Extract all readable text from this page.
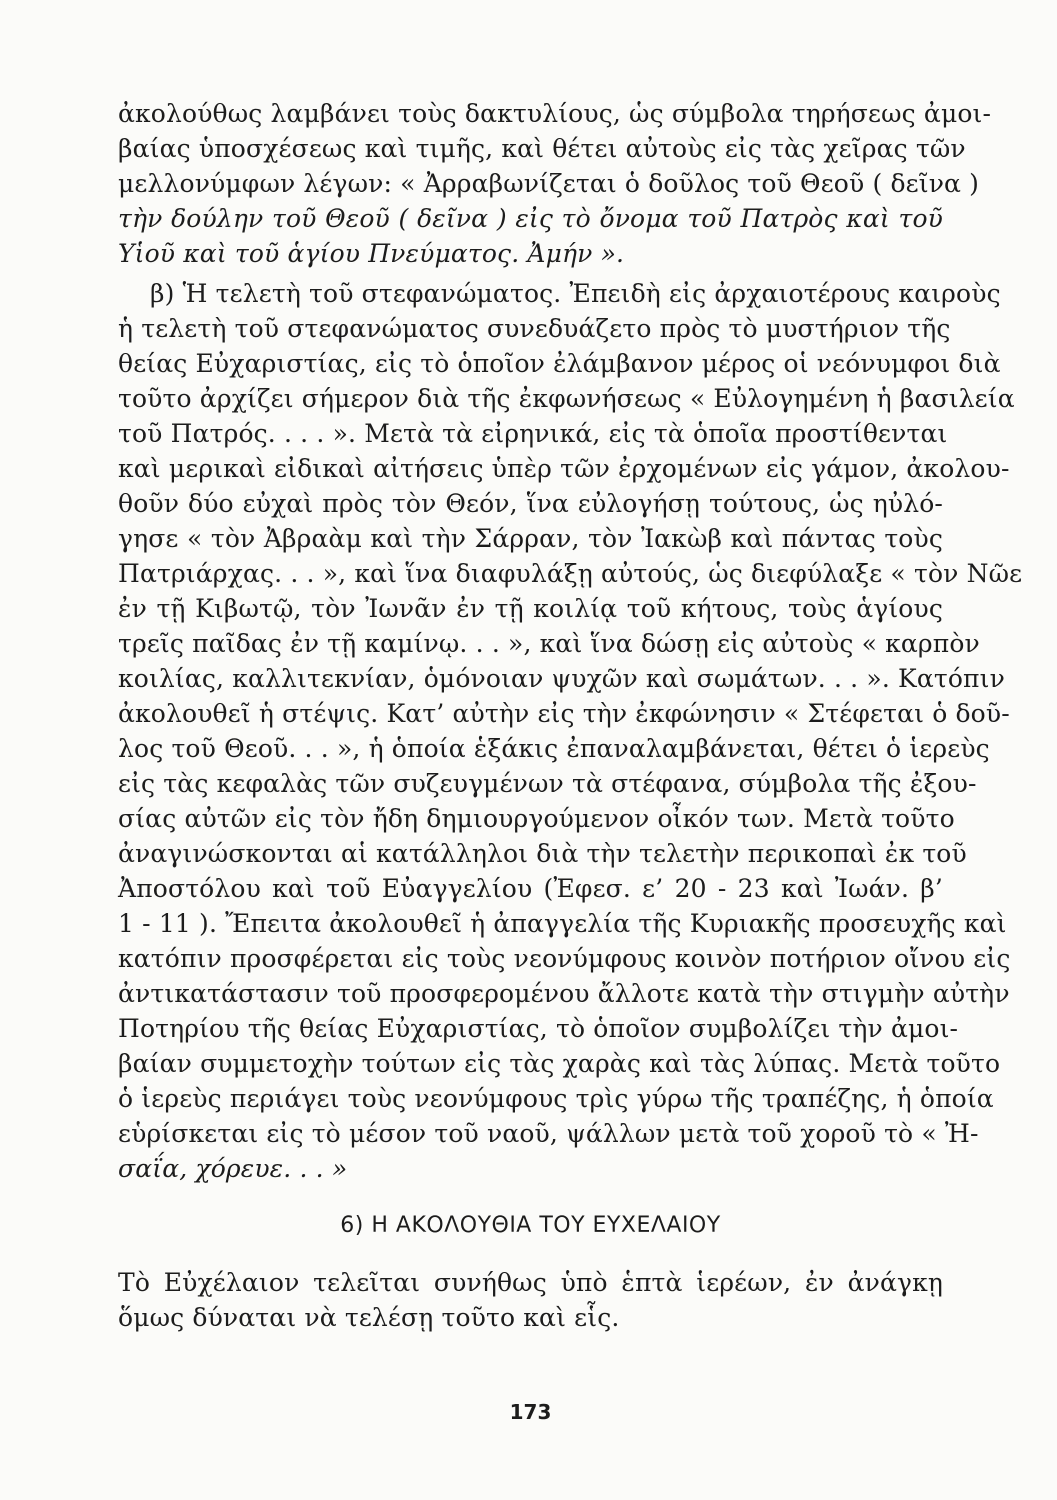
ἀκολούθως λαμβάνει τοὺς δακτυλίους, ὡς σύμβολα τηρήσεως ἀμοι-
βαίας ὑποσχέσεως καὶ τιμῆς, καὶ θέτει αὐτοὺς εἰς τὰς χεῖρας τῶν
μελλονύμφων λέγων: « Ἀρραβωνίζεται ὁ δοῦλος τοῦ Θεοῦ ( δεῖνα )
τὴν δούλην τοῦ Θεοῦ ( δεῖνα ) εἰς τὸ ὄνομα τοῦ Πατρὸς καὶ τοῦ
Υἱοῦ καὶ τοῦ ἁγίου Πνεύματος. Ἀμήν ».
β) Ἡ τελετὴ τοῦ στεφανώματος. Ἐπειδὴ εἰς ἀρχαιοτέρους καιροὺς
ἡ τελετὴ τοῦ στεφανώματος συνεδυάζετο πρὸς τὸ μυστήριον τῆς
θείας Εὐχαριστίας, εἰς τὸ ὁποῖον ἐλάμβανον μέρος οἱ νεόνυμφοι διὰ
τοῦτο ἀρχίζει σήμερον διὰ τῆς ἐκφωνήσεως « Εὐλογημένη ἡ βασιλεία
τοῦ Πατρός. . . . ». Μετὰ τὰ εἰρηνικά, εἰς τὰ ὁποῖα προστίθενται
καὶ μερικαὶ εἰδικαὶ αἰτήσεις ὑπὲρ τῶν ἐρχομένων εἰς γάμον, ἀκολου-
θοῦν δύο εὐχαὶ πρὸς τὸν Θεόν, ἵνα εὐλογήσῃ τούτους, ὡς ηὐλό-
γησε « τὸν Ἀβραὰμ καὶ τὴν Σάρραν, τὸν Ἰακὼβ καὶ πάντας τοὺς
Πατριάρχας. . . », καὶ ἵνα διαφυλάξῃ αὐτούς, ὡς διεφύλαξε « τὸν Νῶε
ἐν τῇ Κιβωτῷ, τὸν Ἰωνᾶν ἐν τῇ κοιλίᾳ τοῦ κήτους, τοὺς ἁγίους
τρεῖς παῖδας ἐν τῇ καμίνῳ. . . », καὶ ἵνα δώσῃ εἰς αὐτοὺς « καρπὸν
κοιλίας, καλλιτεκνίαν, ὁμόνοιαν ψυχῶν καὶ σωμάτων. . . ». Κατόπιν
ἀκολουθεῖ ἡ στέψις. Κατ’ αὐτὴν εἰς τὴν ἐκφώνησιν « Στέφεται ὁ δοῦ-
λος τοῦ Θεοῦ. . . », ἡ ὁποία ἑξάκις ἐπαναλαμβάνεται, θέτει ὁ ἱερεὺς
εἰς τὰς κεφαλὰς τῶν συζευγμένων τὰ στέφανα, σύμβολα τῆς ἐξου-
σίας αὐτῶν εἰς τὸν ἤδη δημιουργούμενον οἶκόν των. Μετὰ τοῦτο
ἀναγινώσκονται αἱ κατάλληλοι διὰ τὴν τελετὴν περικοπαὶ ἐκ τοῦ
Ἀποστόλου καὶ τοῦ Εὐαγγελίου (Ἐφεσ. ε’ 20 - 23 καὶ Ἰωάν. β’
1 - 11 ). Ἔπειτα ἀκολουθεῖ ἡ ἀπαγγελία τῆς Κυριακῆς προσευχῆς καὶ
κατόπιν προσφέρεται εἰς τοὺς νεονύμφους κοινὸν ποτήριον οἴνου εἰς
ἀντικατάστασιν τοῦ προσφερομένου ἄλλοτε κατὰ τὴν στιγμὴν αὐτὴν
Ποτηρίου τῆς θείας Εὐχαριστίας, τὸ ὁποῖον συμβολίζει τὴν ἀμοι-
βαίαν συμμετοχὴν τούτων εἰς τὰς χαρὰς καὶ τὰς λύπας. Μετὰ τοῦτο
ὁ ἱερεὺς περιάγει τοὺς νεονύμφους τρὶς γύρω τῆς τραπέζης, ἡ ὁποία
εὑρίσκεται εἰς τὸ μέσον τοῦ ναοῦ, ψάλλων μετὰ τοῦ χοροῦ τὸ « Ἠ-
σαΐα, χόρευε. . . »
6) Η ΑΚΟΛΟΥΘΙΑ ΤΟΥ ΕΥΧΕΛΑΙΟΥ
Τὸ Εὐχέλαιον τελεῖται συνήθως ὑπὸ ἑπτὰ ἱερέων, ἐν ἀνάγκῃ
ὅμως δύναται νὰ τελέσῃ τοῦτο καὶ εἷς.
173
